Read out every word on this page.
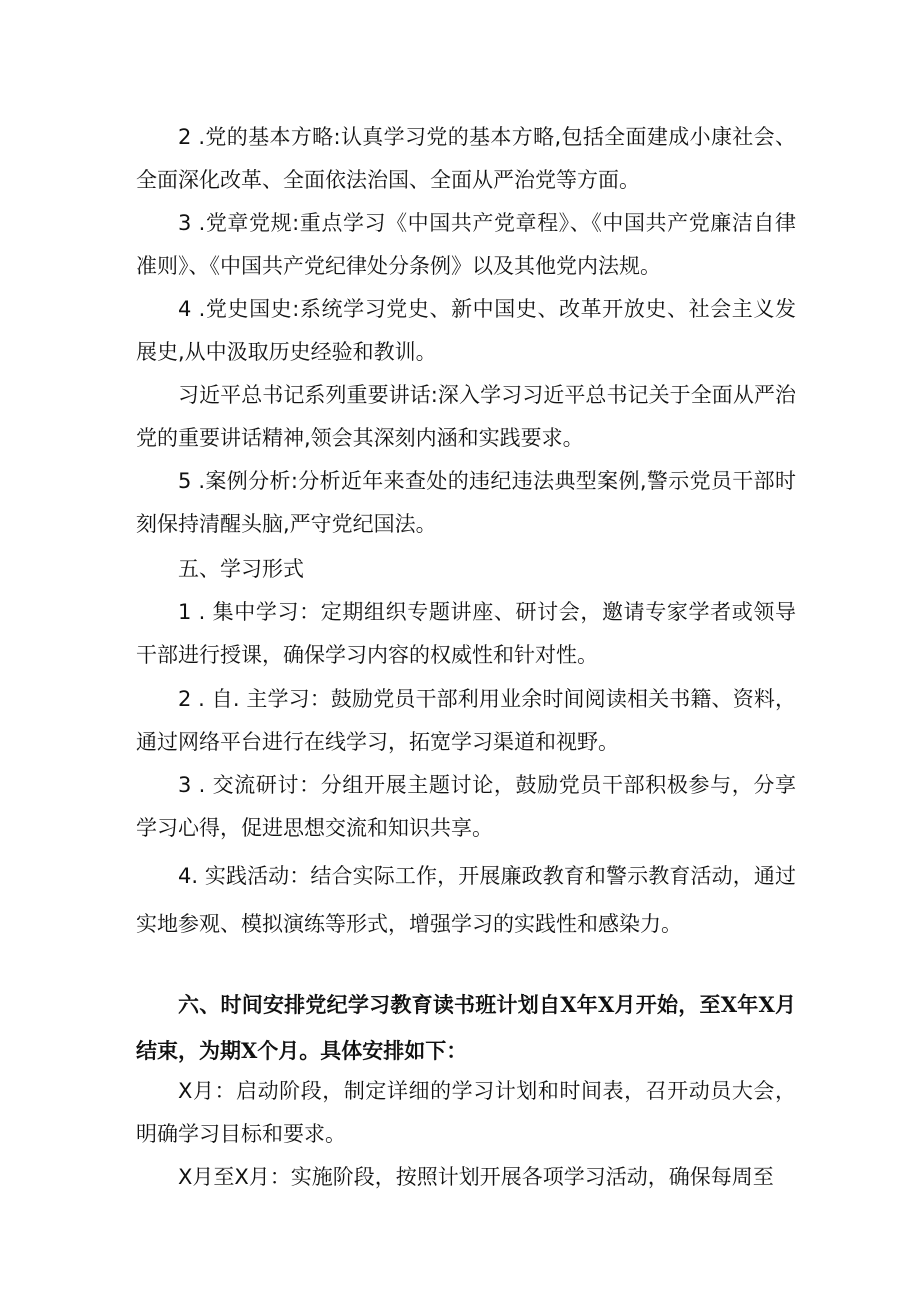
2 .党的基本方略:认真学习党的基本方略,包括全面建成小康社会、全面深化改革、全面依法治国、全面从严治党等方面。

3 .党章党规:重点学习《中国共产党章程》、《中国共产党廉洁自律准则》、《中国共产党纪律处分条例》以及其他党内法规。

4 .党史国史:系统学习党史、新中国史、改革开放史、社会主义发展史,从中汲取历史经验和教训。

习近平总书记系列重要讲话:深入学习习近平总书记关于全面从严治党的重要讲话精神,领会其深刻内涵和实践要求。

5 .案例分析:分析近年来查处的违纪违法典型案例,警示党员干部时刻保持清醒头脑,严守党纪国法。

五、学习形式

1 . 集中学习：定期组织专题讲座、研讨会，邀请专家学者或领导干部进行授课，确保学习内容的权威性和针对性。

2 . 自. 主学习：鼓励党员干部利用业余时间阅读相关书籍、资料，通过网络平台进行在线学习，拓宽学习渠道和视野。

3 . 交流研讨：分组开展主题讨论，鼓励党员干部积极参与，分享学习心得，促进思想交流和知识共享。

4. 实践活动：结合实际工作，开展廉政教育和警示教育活动，通过实地参观、模拟演练等形式，增强学习的实践性和感染力。

六、时间安排党纪学习教育读书班计划自X年X月开始，至X年X月结束，为期X个月。具体安排如下：

X月：启动阶段，制定详细的学习计划和时间表，召开动员大会，明确学习目标和要求。

X月至X月：实施阶段，按照计划开展各项学习活动，确保每周至
